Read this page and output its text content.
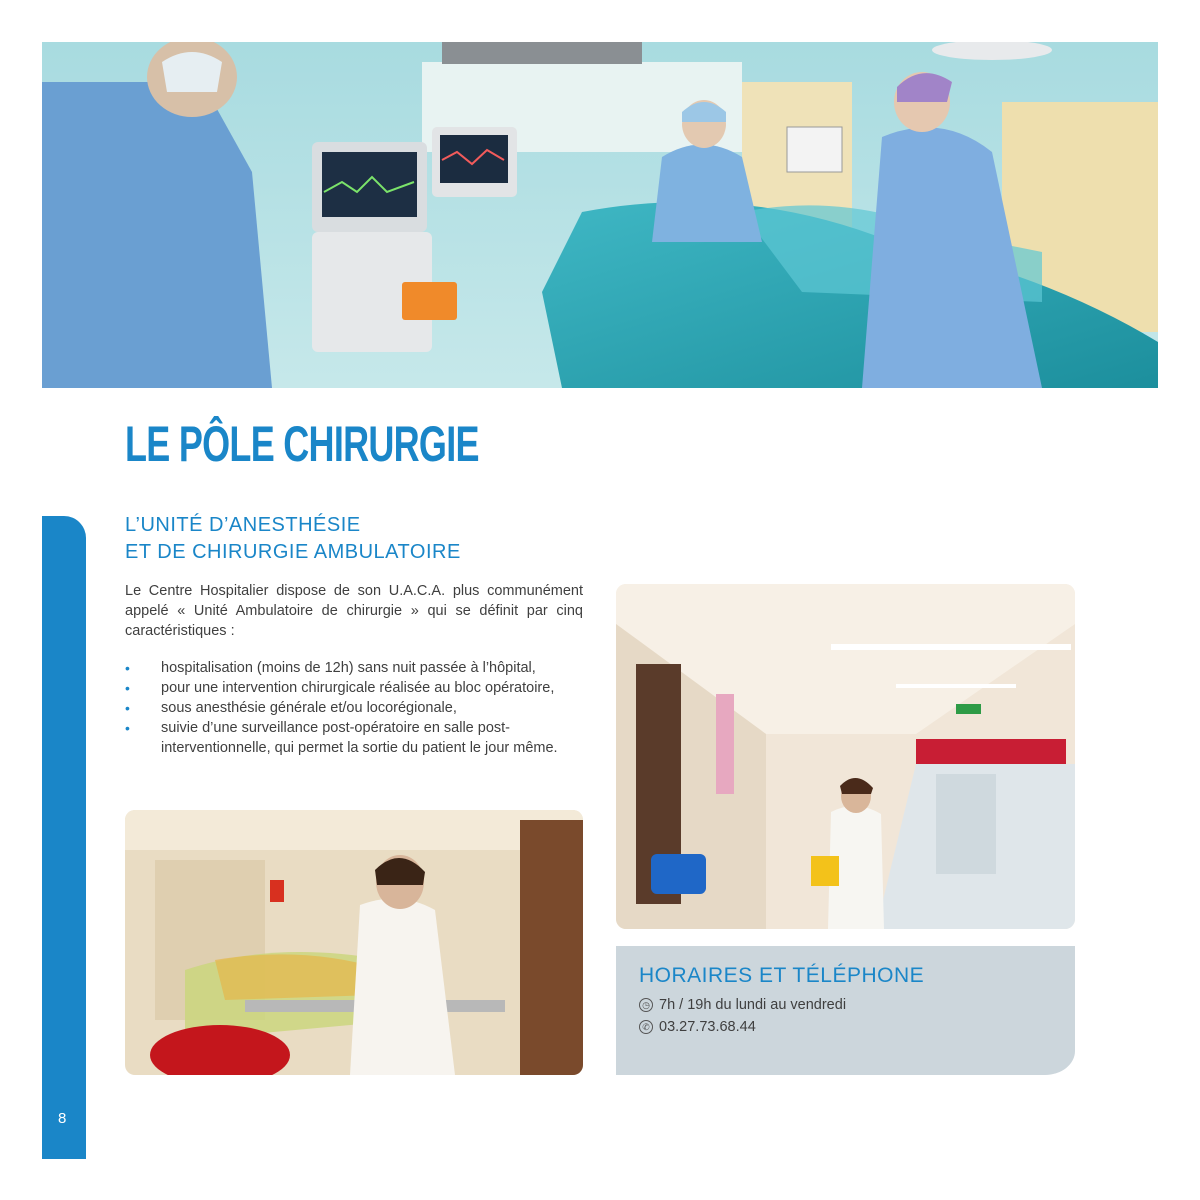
LE PÔLE CHIRURGIE
8
L’UNITÉ D’ANESTHÉSIE
ET DE CHIRURGIE AMBULATOIRE

Le Centre Hospitalier dispose de son U.A.C.A. plus communément appelé « Unité Ambulatoire de chirurgie » qui se définit par cinq caractéristiques :

• hospitalisation (moins de 12h) sans nuit passée à l’hôpital,
• pour une intervention chirurgicale réalisée au bloc opératoire,
• sous anesthésie générale et/ou locorégionale,
• suivie d’une surveillance post-opératoire en salle post-interventionnelle, qui permet la sortie du patient le jour même.
HORAIRES ET TÉLÉPHONE
◷ 7h / 19h du lundi au vendredi
✆ 03.27.73.68.44
